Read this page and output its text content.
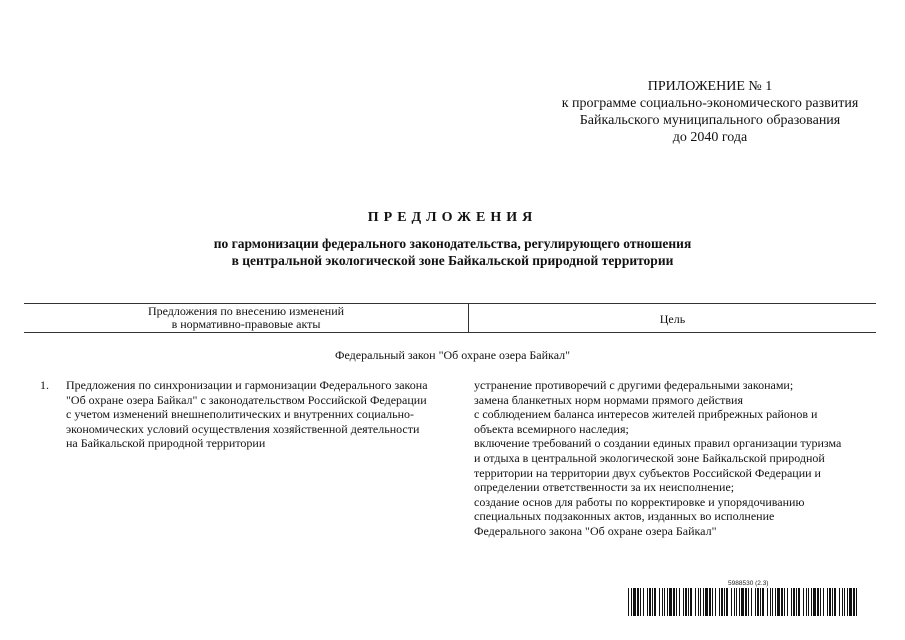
ПРИЛОЖЕНИЕ № 1
к программе социально-экономического развития
Байкальского муниципального образования
до 2040 года
ПРЕДЛОЖЕНИЯ
по гармонизации федерального законодательства, регулирующего отношения
в центральной экологической зоне Байкальской природной территории
Предложения по внесению изменений
в нормативно-правовые акты	Цель
Федеральный закон "Об охране озера Байкал"
1. Предложения по синхронизации и гармонизации Федерального закона
"Об охране озера Байкал" с законодательством Российской Федерации
с учетом изменений внешнеполитических и внутренних социально-
экономических условий осуществления хозяйственной деятельности
на Байкальской природной территории
устранение противоречий с другими федеральными законами;
замена бланкетных норм нормами прямого действия
с соблюдением баланса интересов жителей прибрежных районов и
объекта всемирного наследия;
включение требований о создании единых правил организации туризма
и отдыха в центральной экологической зоне Байкальской природной
территории на территории двух субъектов Российской Федерации и
определении ответственности за их неисполнение;
создание основ для работы по корректировке и упорядочиванию
специальных подзаконных актов, изданных во исполнение
Федерального закона "Об охране озера Байкал"
5988530 (2.3)
